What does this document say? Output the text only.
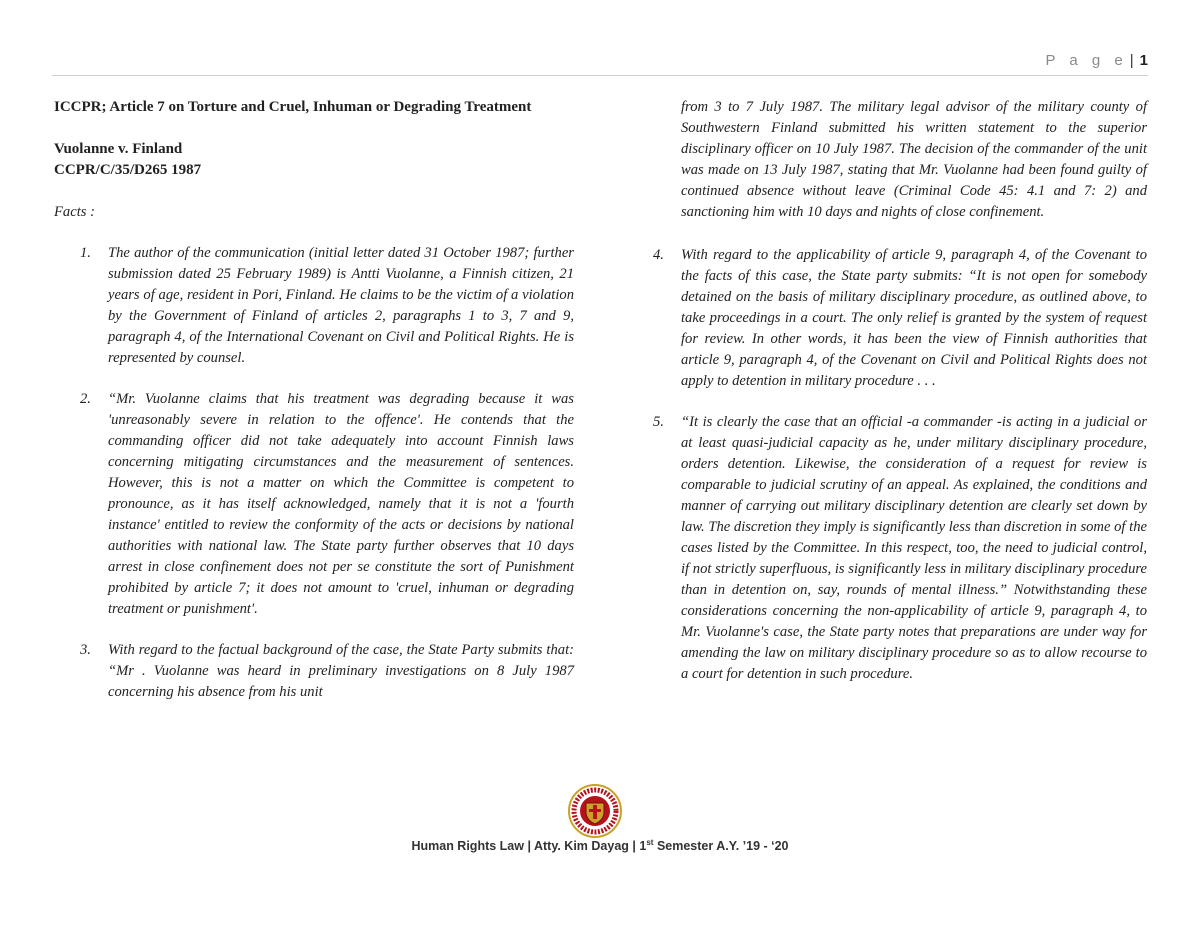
P a g e | 1

ICCPR; Article 7 on Torture and Cruel, Inhuman or Degrading Treatment

Vuolanne v. Finland
CCPR/C/35/D265 1987
Facts :
1.	The author of the communication (initial letter dated 31 October 1987; further submission dated 25 February 1989) is Antti Vuolanne, a Finnish citizen, 21 years of age, resident in Pori, Finland. He claims to be the victim of a violation by the Government of Finland of articles 2, paragraphs 1 to 3, 7 and 9, paragraph 4, of the International Covenant on Civil and Political Rights. He is represented by counsel.
2.	“Mr. Vuolanne claims that his treatment was degrading because it was 'unreasonably severe in relation to the offence'. He contends that the commanding officer did not take adequately into account Finnish laws concerning mitigating circumstances and the measurement of sentences. However, this is not a matter on which the Committee is competent to pronounce, as it has itself acknowledged, namely that it is not a 'fourth instance' entitled to review the conformity of the acts or decisions by national authorities with national law. The State party further observes that 10 days arrest in close confinement does not per se constitute the sort of Punishment prohibited by article 7; it does not amount to 'cruel, inhuman or degrading treatment or punishment'.
3.	With regard to the factual background of the case, the State Party submits that: “Mr . Vuolanne was heard in preliminary investigations on 8 July 1987 concerning his absence from his unit

from 3 to 7 July 1987. The military legal advisor of the military county of Southwestern Finland submitted his written statement to the superior disciplinary officer on 10 July 1987. The decision of the commander of the unit was made on 13 July 1987, stating that Mr. Vuolanne had been found guilty of continued absence without leave (Criminal Code 45: 4.1 and 7: 2) and sanctioning him with 10 days and nights of close confinement.

4.	With regard to the applicability of article 9, paragraph 4, of the Covenant to the facts of this case, the State party submits: “It is not open for somebody detained on the basis of military disciplinary procedure, as outlined above, to take proceedings in a court. The only relief is granted by the system of request for review. In other words, it has been the view of Finnish authorities that article 9, paragraph 4, of the Covenant on Civil and Political Rights does not apply to detention in military procedure . . .
5.	“It is clearly the case that an official -a commander -is acting in a judicial or at least quasi-judicial capacity as he, under military disciplinary procedure, orders detention. Likewise, the consideration of a request for review is comparable to judicial scrutiny of an appeal. As explained, the conditions and manner of carrying out military disciplinary detention are clearly set down by law. The discretion they imply is significantly less than discretion in some of the cases listed by the Committee. In this respect, too, the need to judicial control, if not strictly superfluous, is significantly less in military disciplinary procedure than in detention on, say, rounds of mental illness.” Notwithstanding these considerations concerning the non-applicability of article 9, paragraph 4, to Mr. Vuolanne's case, the State party notes that preparations are under way for amending the law on military disciplinary procedure so as to allow recourse to a court for detention in such procedure.
Human Rights Law | Atty. Kim Dayag | 1st Semester A.Y. ’19 - ‘20
